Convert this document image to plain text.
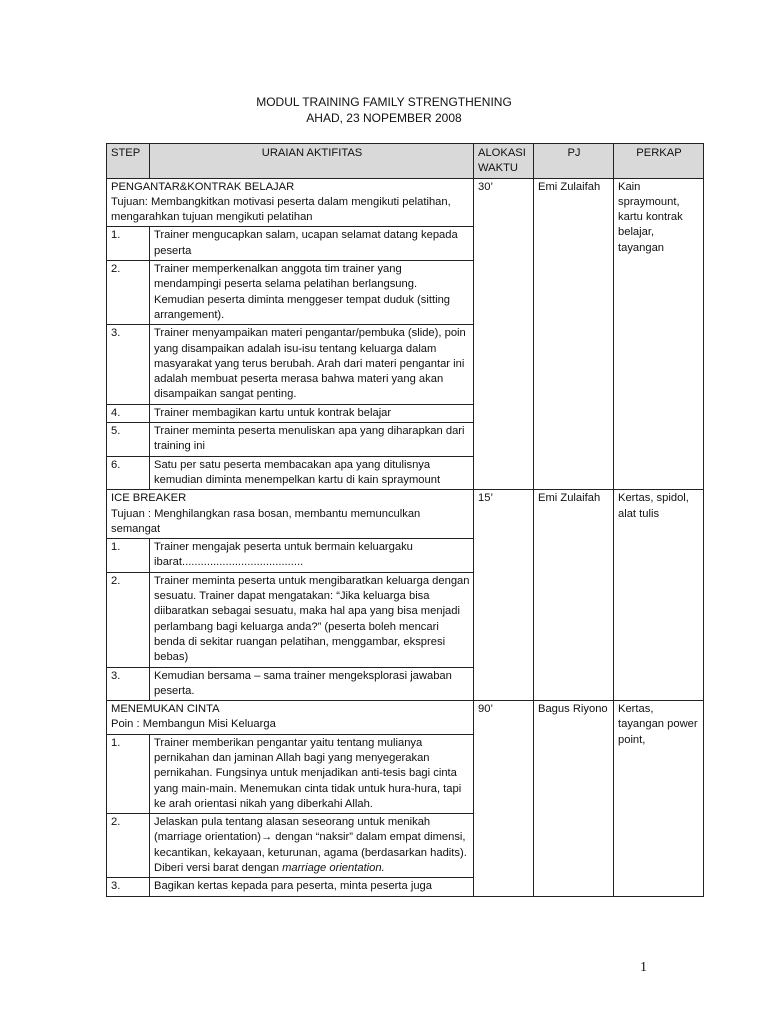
MODUL TRAINING FAMILY STRENGTHENING
AHAD, 23 NOPEMBER 2008
STEP	URAIAN AKTIFITAS	ALOKASI WAKTU	PJ	PERKAP

PENGANTAR&KONTRAK BELAJAR
Tujuan: Membangkitkan motivasi peserta dalam mengikuti pelatihan, mengarahkan tujuan mengikuti pelatihan		30’	Emi Zulaifah	Kain spraymount, kartu kontrak belajar, tayangan
1.	Trainer mengucapkan salam, ucapan selamat datang kepada peserta			
2.	Trainer memperkenalkan anggota tim trainer yang mendampingi peserta selama pelatihan berlangsung. Kemudian peserta diminta menggeser tempat duduk (sitting arrangement).			
3.	Trainer menyampaikan materi pengantar/pembuka (slide), poin yang disampaikan adalah isu-isu tentang keluarga dalam masyarakat yang terus berubah. Arah dari materi pengantar ini adalah membuat peserta merasa bahwa materi yang akan disampaikan sangat penting.			
4.	Trainer membagikan kartu untuk kontrak belajar			
5.	Trainer meminta peserta menuliskan apa yang diharapkan dari training ini			
6.	Satu per satu peserta membacakan apa yang ditulisnya kemudian diminta menempelkan kartu di kain spraymount			

ICE BREAKER
Tujuan : Menghilangkan rasa bosan, membantu memunculkan semangat		15’	Emi Zulaifah	Kertas, spidol, alat tulis
1.	Trainer mengajak peserta untuk bermain keluargaku ibarat.......................................			
2.	Trainer meminta peserta untuk mengibaratkan keluarga dengan sesuatu. Trainer dapat mengatakan: “Jika keluarga bisa diibaratkan sebagai sesuatu, maka hal apa yang bisa menjadi perlambang bagi keluarga anda?” (peserta boleh mencari benda di sekitar ruangan pelatihan, menggambar, ekspresi bebas)			
3.	Kemudian bersama – sama trainer mengeksplorasi jawaban peserta.			

MENEMUKAN CINTA
Poin : Membangun Misi Keluarga		90’	Bagus Riyono	Kertas, tayangan power point,
1.	Trainer memberikan pengantar yaitu tentang mulianya pernikahan dan jaminan Allah bagi yang menyegerakan pernikahan. Fungsinya untuk menjadikan anti-tesis bagi cinta yang main-main. Menemukan cinta tidak untuk hura-hura, tapi ke arah orientasi nikah yang diberkahi Allah.			
2.	Jelaskan pula tentang alasan seseorang untuk menikah (marriage orientation)→ dengan “naksir” dalam empat dimensi, kecantikan, kekayaan, keturunan, agama (berdasarkan hadits). Diberi versi barat dengan marriage orientation.			
3.	Bagikan kertas kepada para peserta, minta peserta juga			
1
